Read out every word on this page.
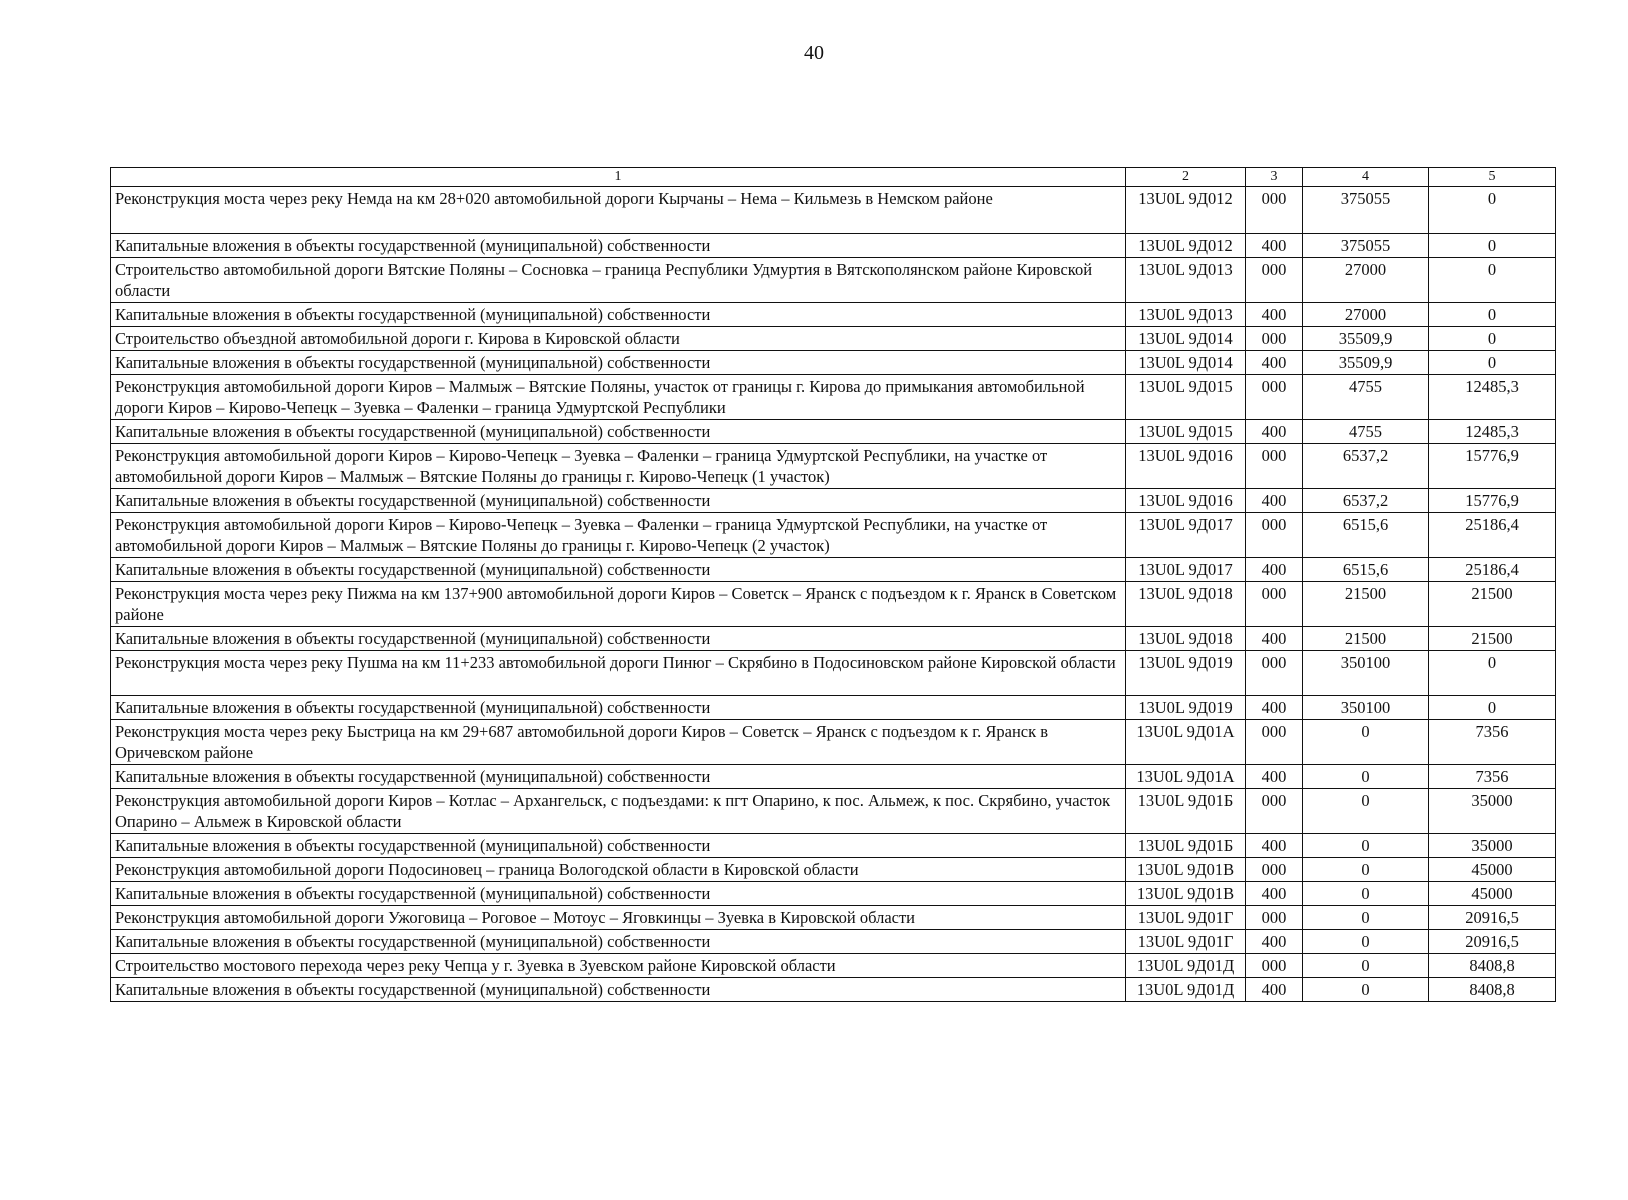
40
1	2	3	4	5
Реконструкция моста через реку Немда на км 28+020 автомобильной дороги Кырчаны – Нема – Кильмезь в Немском районе	13U0L 9Д012	000	375055	0
Капитальные вложения в объекты государственной (муниципальной) собственности	13U0L 9Д012	400	375055	0
Строительство автомобильной дороги Вятские Поляны – Сосновка – граница Республики Удмуртия в Вятскополянском районе Кировской области	13U0L 9Д013	000	27000	0
Капитальные вложения в объекты государственной (муниципальной) собственности	13U0L 9Д013	400	27000	0
Строительство объездной автомобильной дороги г. Кирова в Кировской области	13U0L 9Д014	000	35509,9	0
Капитальные вложения в объекты государственной (муниципальной) собственности	13U0L 9Д014	400	35509,9	0
Реконструкция автомобильной дороги Киров – Малмыж – Вятские Поляны, участок от границы г. Кирова до примыкания автомобильной дороги Киров – Кирово-Чепецк – Зуевка – Фаленки – граница Удмуртской Республики	13U0L 9Д015	000	4755	12485,3
Капитальные вложения в объекты государственной (муниципальной) собственности	13U0L 9Д015	400	4755	12485,3
Реконструкция автомобильной дороги Киров – Кирово-Чепецк – Зуевка – Фаленки – граница Удмуртской Республики, на участке от автомобильной дороги Киров – Малмыж – Вятские Поляны до границы г. Кирово-Чепецк (1 участок)	13U0L 9Д016	000	6537,2	15776,9
Капитальные вложения в объекты государственной (муниципальной) собственности	13U0L 9Д016	400	6537,2	15776,9
Реконструкция автомобильной дороги Киров – Кирово-Чепецк – Зуевка – Фаленки – граница Удмуртской Республики, на участке от автомобильной дороги Киров – Малмыж – Вятские Поляны до границы г. Кирово-Чепецк (2 участок)	13U0L 9Д017	000	6515,6	25186,4
Капитальные вложения в объекты государственной (муниципальной) собственности	13U0L 9Д017	400	6515,6	25186,4
Реконструкция моста через реку Пижма на км 137+900 автомобильной дороги Киров – Советск – Яранск с подъездом к г. Яранск в Советском районе	13U0L 9Д018	000	21500	21500
Капитальные вложения в объекты государственной (муниципальной) собственности	13U0L 9Д018	400	21500	21500
Реконструкция моста через реку Пушма на км 11+233 автомобильной дороги Пинюг – Скрябино в Подосиновском районе Кировской области	13U0L 9Д019	000	350100	0
Капитальные вложения в объекты государственной (муниципальной) собственности	13U0L 9Д019	400	350100	0
Реконструкция моста через реку Быстрица на км 29+687 автомобильной дороги Киров – Советск – Яранск с подъездом к г. Яранск в Оричевском районе	13U0L 9Д01А	000	0	7356
Капитальные вложения в объекты государственной (муниципальной) собственности	13U0L 9Д01А	400	0	7356
Реконструкция автомобильной дороги Киров – Котлас – Архангельск, с подъездами: к пгт Опарино, к пос. Альмеж, к пос. Скрябино, участок Опарино – Альмеж в Кировской области	13U0L 9Д01Б	000	0	35000
Капитальные вложения в объекты государственной (муниципальной) собственности	13U0L 9Д01Б	400	0	35000
Реконструкция автомобильной дороги Подосиновец – граница Вологодской области в Кировской области	13U0L 9Д01В	000	0	45000
Капитальные вложения в объекты государственной (муниципальной) собственности	13U0L 9Д01В	400	0	45000
Реконструкция автомобильной дороги Ужоговица – Роговое – Мотоус – Яговкинцы – Зуевка в Кировской области	13U0L 9Д01Г	000	0	20916,5
Капитальные вложения в объекты государственной (муниципальной) собственности	13U0L 9Д01Г	400	0	20916,5
Строительство мостового перехода через реку Чепца у г. Зуевка в Зуевском районе Кировской области	13U0L 9Д01Д	000	0	8408,8
Капитальные вложения в объекты государственной (муниципальной) собственности	13U0L 9Д01Д	400	0	8408,8
